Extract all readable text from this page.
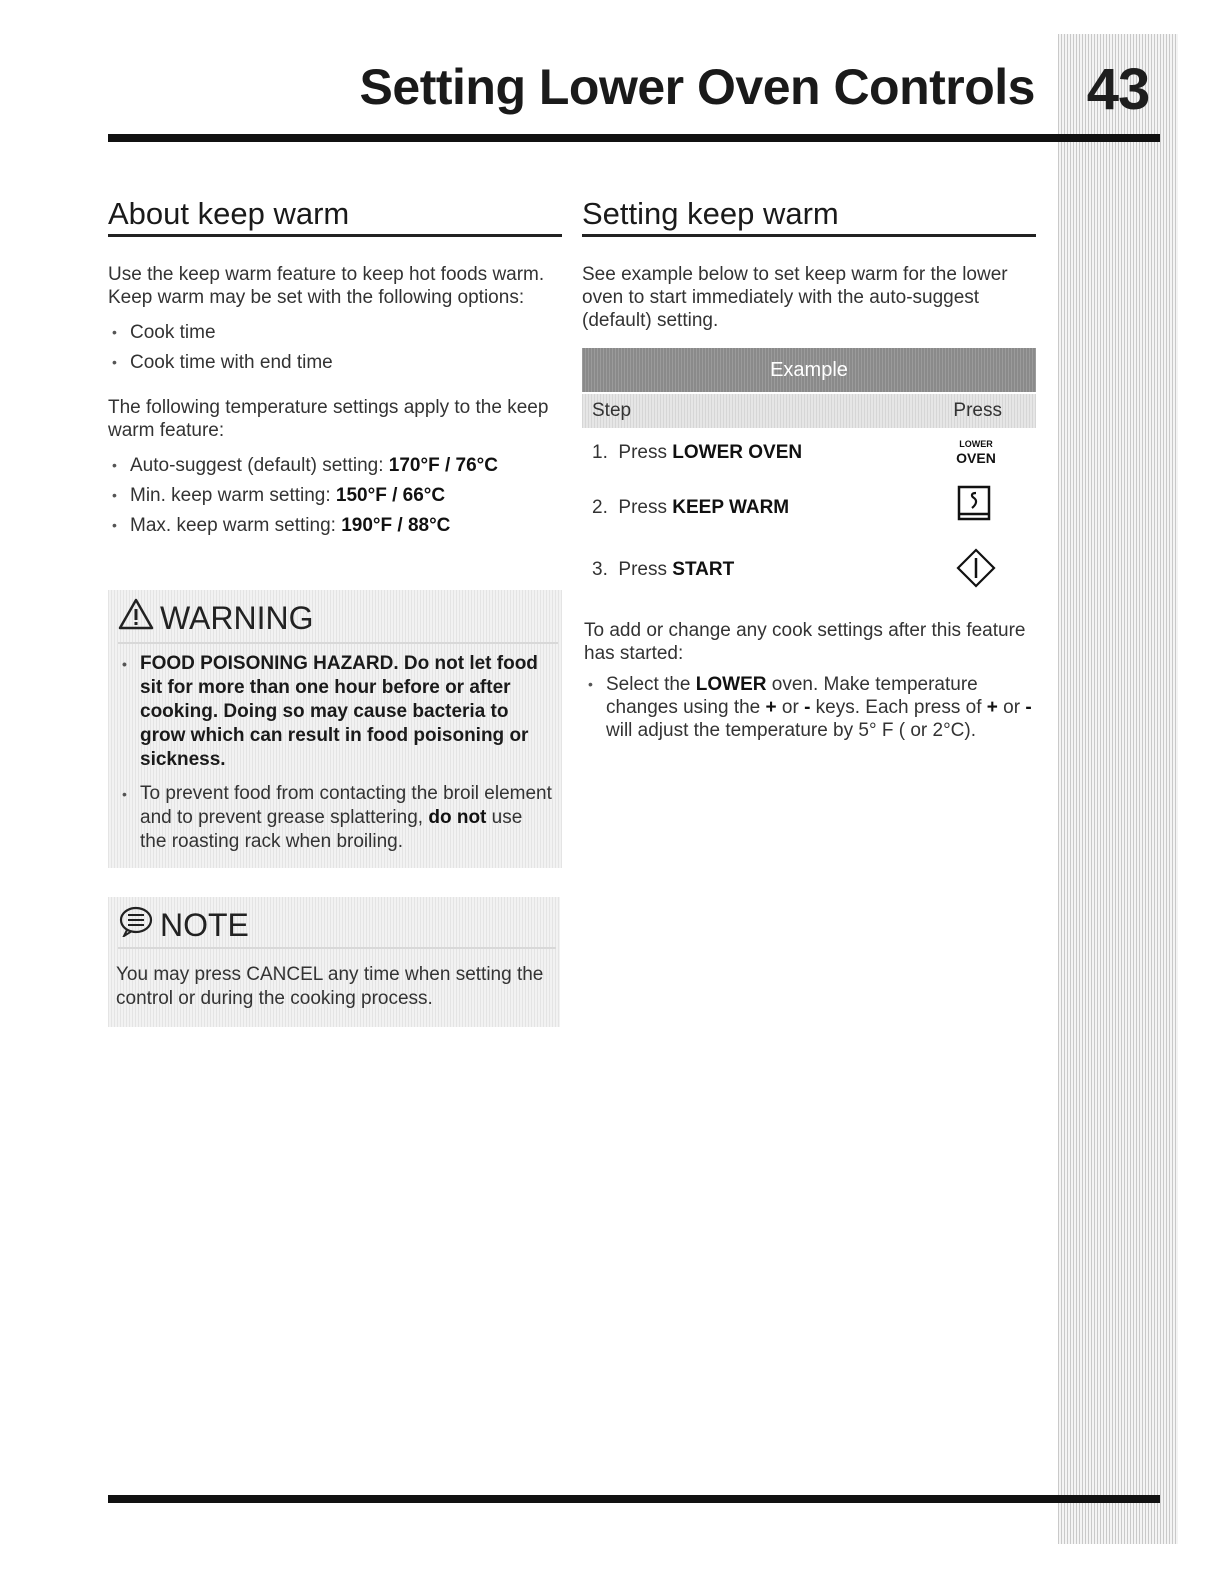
43
Setting Lower Oven Controls
About keep warm

Use the keep warm feature to keep hot foods warm. Keep warm may be set with the following options:

• Cook time
• Cook time with end time

The following temperature settings apply to the keep warm feature:

• Auto-suggest (default) setting: 170°F / 76°C
• Min. keep warm setting: 150°F / 66°C
• Max. keep warm setting: 190°F / 88°C
WARNING
• FOOD POISONING HAZARD. Do not let food sit for more than one hour before or after cooking. Doing so may cause bacteria to grow which can result in food poisoning or sickness.
• To prevent food from contacting the broil element and to prevent grease splattering, do not use the roasting rack when broiling.
NOTE
You may press CANCEL any time when setting the control or during the cooking process.
Setting keep warm

See example below to set keep warm for the lower oven to start immediately with the auto-suggest (default) setting.

Example
Step	Press
1. Press LOWER OVEN	LOWER
OVEN
2. Press KEEP WARM
3. Press START

To add or change any cook settings after this feature has started:

• Select the LOWER oven. Make temperature changes using the + or - keys. Each press of + or - will adjust the temperature by 5° F ( or 2°C).
